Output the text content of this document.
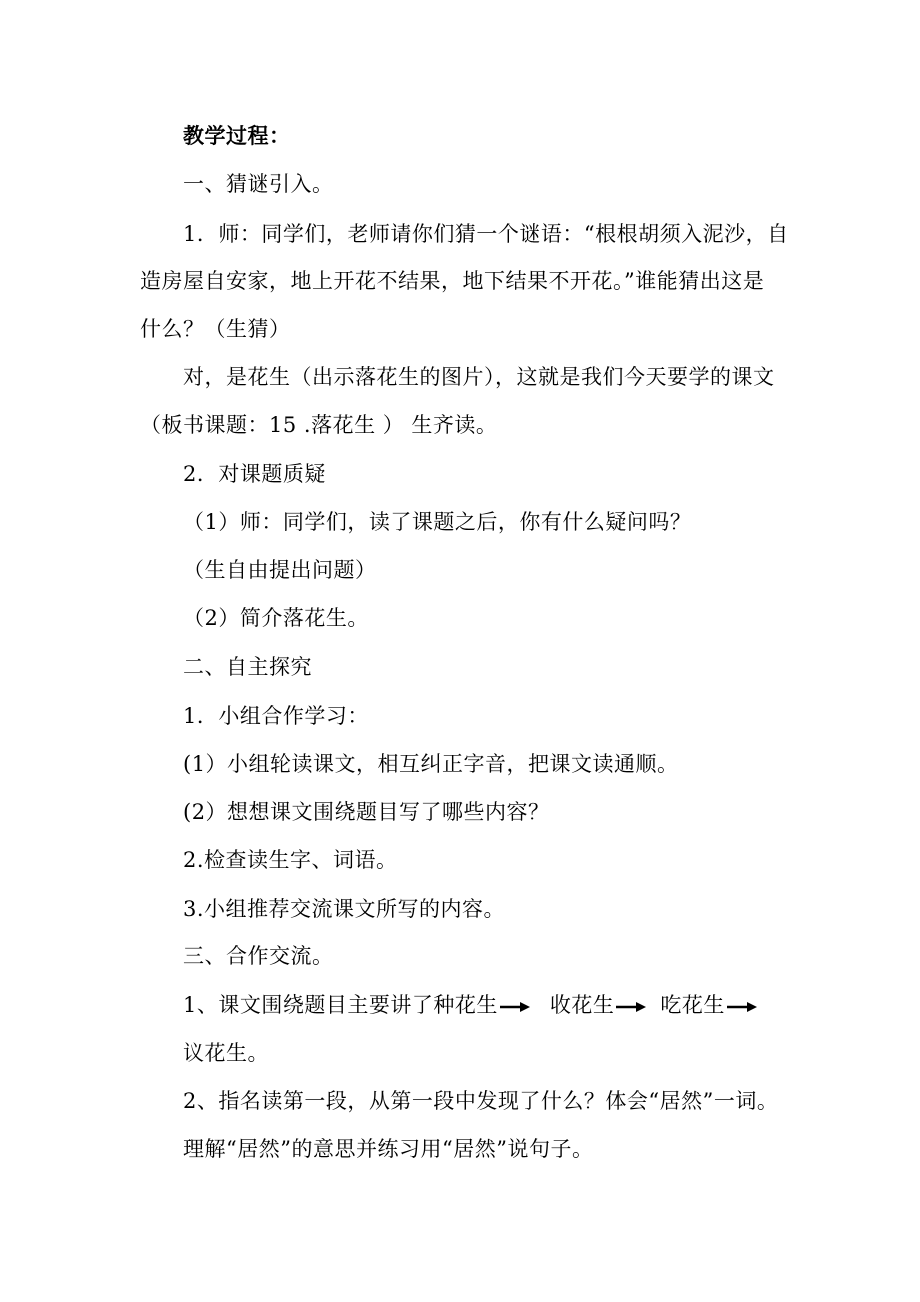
教学过程：
一、猜谜引入。
1．师：同学们，老师请你们猜一个谜语：“根根胡须入泥沙，自
造房屋自安家，地上开花不结果，地下结果不开花。”谁能猜出这是
什么？（生猜）
对，是花生（出示落花生的图片），这就是我们今天要学的课文
（板书课题：15 .落花生 ） 生齐读。
2．对课题质疑
（1）师：同学们，读了课题之后，你有什么疑问吗？
（生自由提出问题）
（2）简介落花生。
二、自主探究
1．小组合作学习：
(1）小组轮读课文，相互纠正字音，把课文读通顺。
(2）想想课文围绕题目写了哪些内容？
2.检查读生字、词语。
3.小组推荐交流课文所写的内容。
三、合作交流。
1、课文围绕题目主要讲了种花生 收花生 吃花生
议花生。
2、指名读第一段，从第一段中发现了什么？体会“居然”一词。
理解“居然”的意思并练习用“居然”说句子。
